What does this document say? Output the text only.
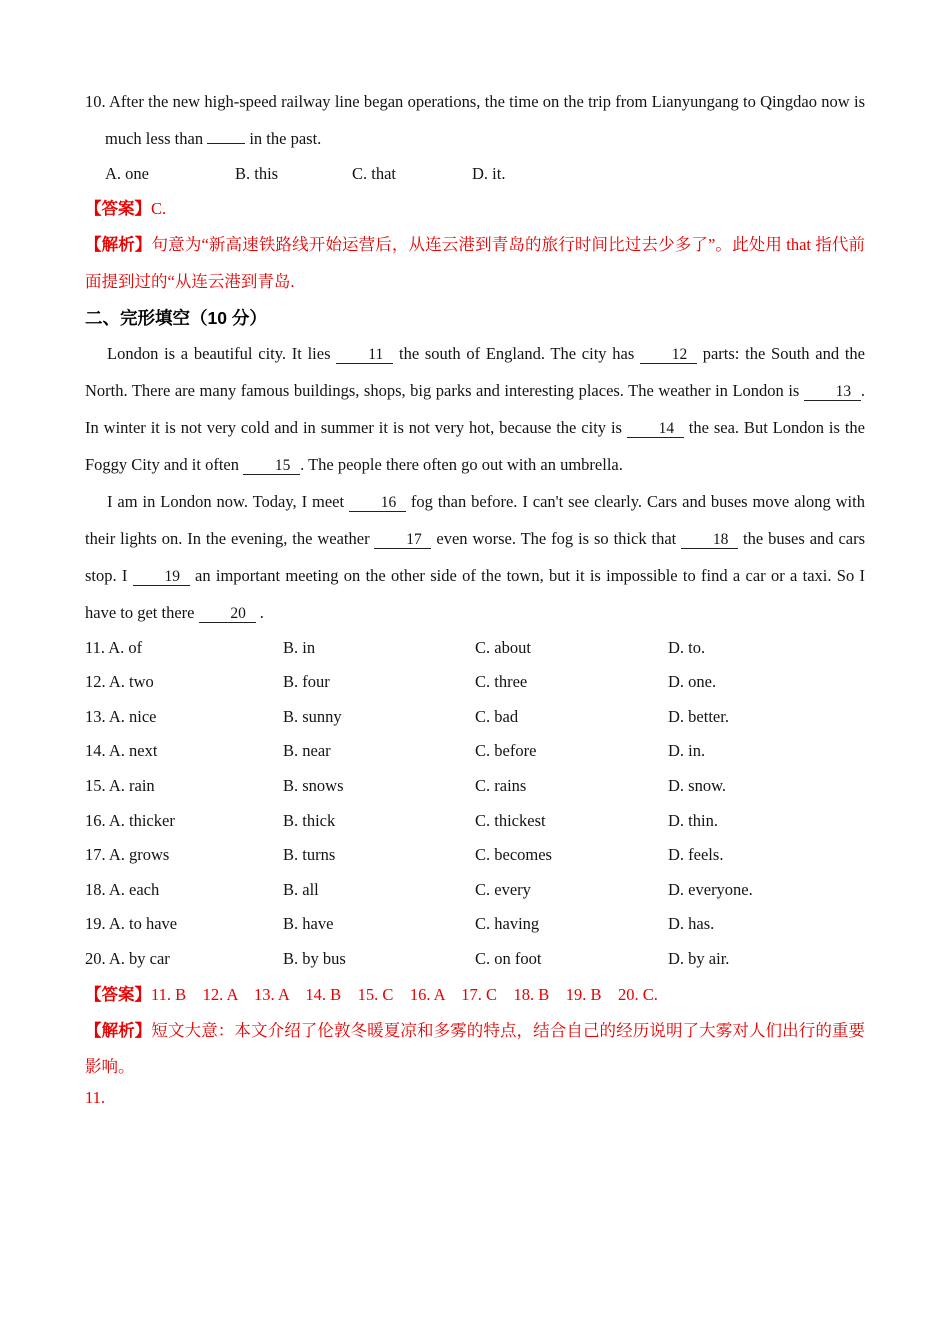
10. After the new high-speed railway line began operations, the time on the trip from Lianyungang to Qingdao now is much less than  in the past.

A. one	B. this	C. that	D. it.

【答案】C.

【解析】句意为“新高速铁路线开始运营后，从连云港到青岛的旅行时间比过去少多了”。此处用 that 指代前面提到过的“从连云港到青岛.

二、完形填空（10 分）

London is a beautiful city. It lies 11 the south of England. The city has 12 parts: the South and the North. There are many famous buildings, shops, big parks and interesting places. The weather in London is 13 . In winter it is not very cold and in summer it is not very hot, because the city is 14 the sea. But London is the Foggy City and it often 15 . The people there often go out with an umbrella.

I am in London now. Today, I meet 16 fog than before. I can't see clearly. Cars and buses move along with their lights on. In the evening, the weather 17 even worse. The fog is so thick that 18 the buses and cars stop. I 19 an important meeting on the other side of the town, but it is impossible to find a car or a taxi. So I have to get there 20 .

11. A. of	B. in	C. about	D. to.
12. A. two	B. four	C. three	D. one.
13. A. nice	B. sunny	C. bad	D. better.
14. A. next	B. near	C. before	D. in.
15. A. rain	B. snows	C. rains	D. snow.
16. A. thicker	B. thick	C. thickest	D. thin.
17. A. grows	B. turns	C. becomes	D. feels.
18. A. each	B. all	C. every	D. everyone.
19. A. to have	B. have	C. having	D. has.
20. A. by car	B. by bus	C. on foot	D. by air.

【答案】11. B　12. A　13. A　14. B　15. C　16. A　17. C　18. B　19. B　20. C.

【解析】短文大意：本文介绍了伦敦冬暖夏凉和多雾的特点，结合自己的经历说明了大雾对人们出行的重要影响。

11.
